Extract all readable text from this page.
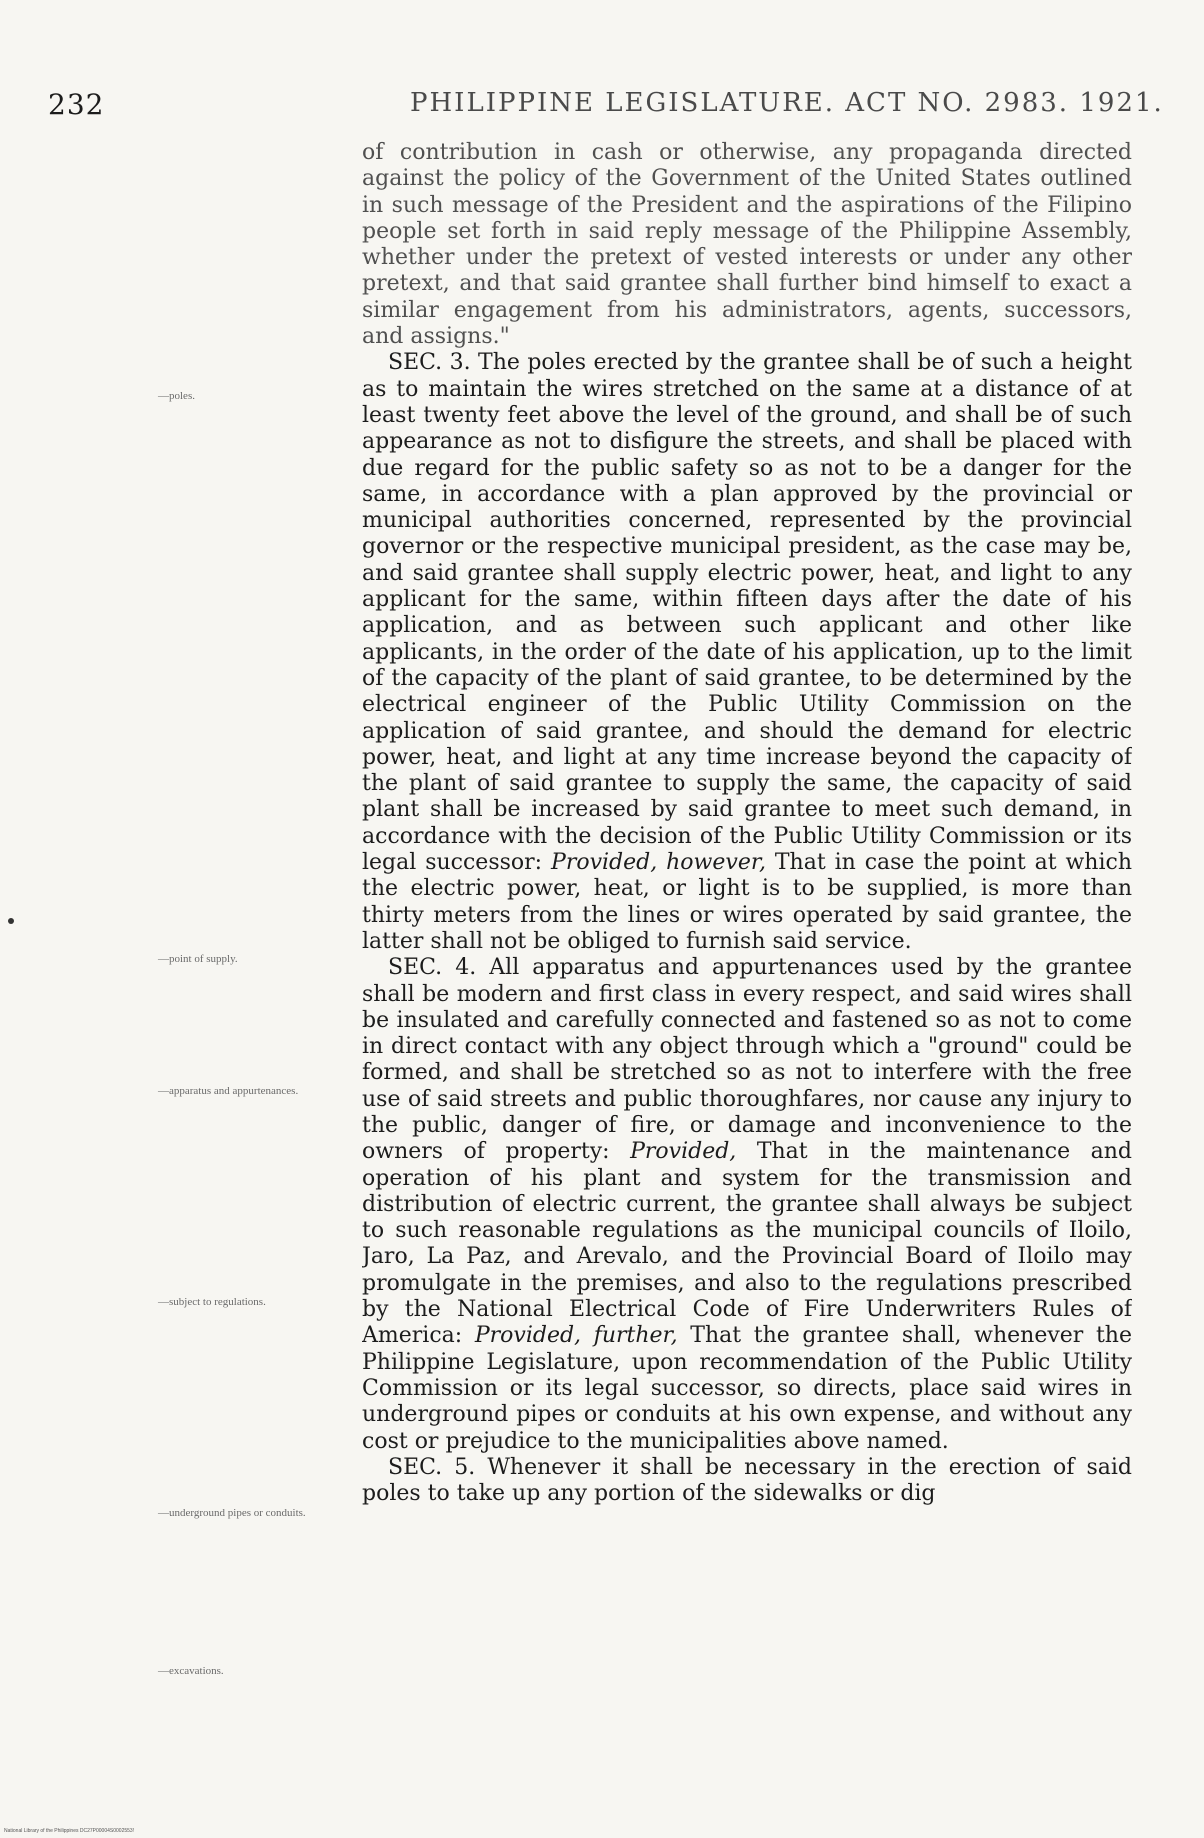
232	PHILIPPINE LEGISLATURE. ACT NO. 2983. 1921.
—poles.
—point of supply.
—apparatus and appurtenances.
—subject to regulations.
—underground pipes or conduits.
—excavations.

of contribution in cash or otherwise, any propaganda directed against the policy of the Government of the United States outlined in such message of the President and the aspirations of the Filipino people set forth in said reply message of the Philippine Assembly, whether under the pretext of vested interests or under any other pretext, and that said grantee shall further bind himself to exact a similar engagement from his administrators, agents, successors, and assigns."

SEC. 3. The poles erected by the grantee shall be of such a height as to maintain the wires stretched on the same at a distance of at least twenty feet above the level of the ground, and shall be of such appearance as not to disfigure the streets, and shall be placed with due regard for the public safety so as not to be a danger for the same, in accordance with a plan approved by the provincial or municipal authorities concerned, represented by the provincial governor or the respective municipal president, as the case may be, and said grantee shall supply electric power, heat, and light to any applicant for the same, within fifteen days after the date of his application, and as between such applicant and other like applicants, in the order of the date of his application, up to the limit of the capacity of the plant of said grantee, to be determined by the electrical engineer of the Public Utility Commission on the application of said grantee, and should the demand for electric power, heat, and light at any time increase beyond the capacity of the plant of said grantee to supply the same, the capacity of said plant shall be increased by said grantee to meet such demand, in accordance with the decision of the Public Utility Commission or its legal successor: Provided, however, That in case the point at which the electric power, heat, or light is to be supplied, is more than thirty meters from the lines or wires operated by said grantee, the latter shall not be obliged to furnish said service.

SEC. 4. All apparatus and appurtenances used by the grantee shall be modern and first class in every respect, and said wires shall be insulated and carefully connected and fastened so as not to come in direct contact with any object through which a "ground" could be formed, and shall be stretched so as not to interfere with the free use of said streets and public thoroughfares, nor cause any injury to the public, danger of fire, or damage and inconvenience to the owners of property: Provided, That in the maintenance and operation of his plant and system for the transmission and distribution of electric current, the grantee shall always be subject to such reasonable regulations as the municipal councils of Iloilo, Jaro, La Paz, and Arevalo, and the Provincial Board of Iloilo may promulgate in the premises, and also to the regulations prescribed by the National Electrical Code of Fire Underwriters Rules of America: Provided, further, That the grantee shall, whenever the Philippine Legislature, upon recommendation of the Public Utility Commission or its legal successor, so directs, place said wires in underground pipes or conduits at his own expense, and without any cost or prejudice to the municipalities above named.

SEC. 5. Whenever it shall be necessary in the erection of said poles to take up any portion of the sidewalks or dig

National Library of the Philippines DC27P00004S0002553!
